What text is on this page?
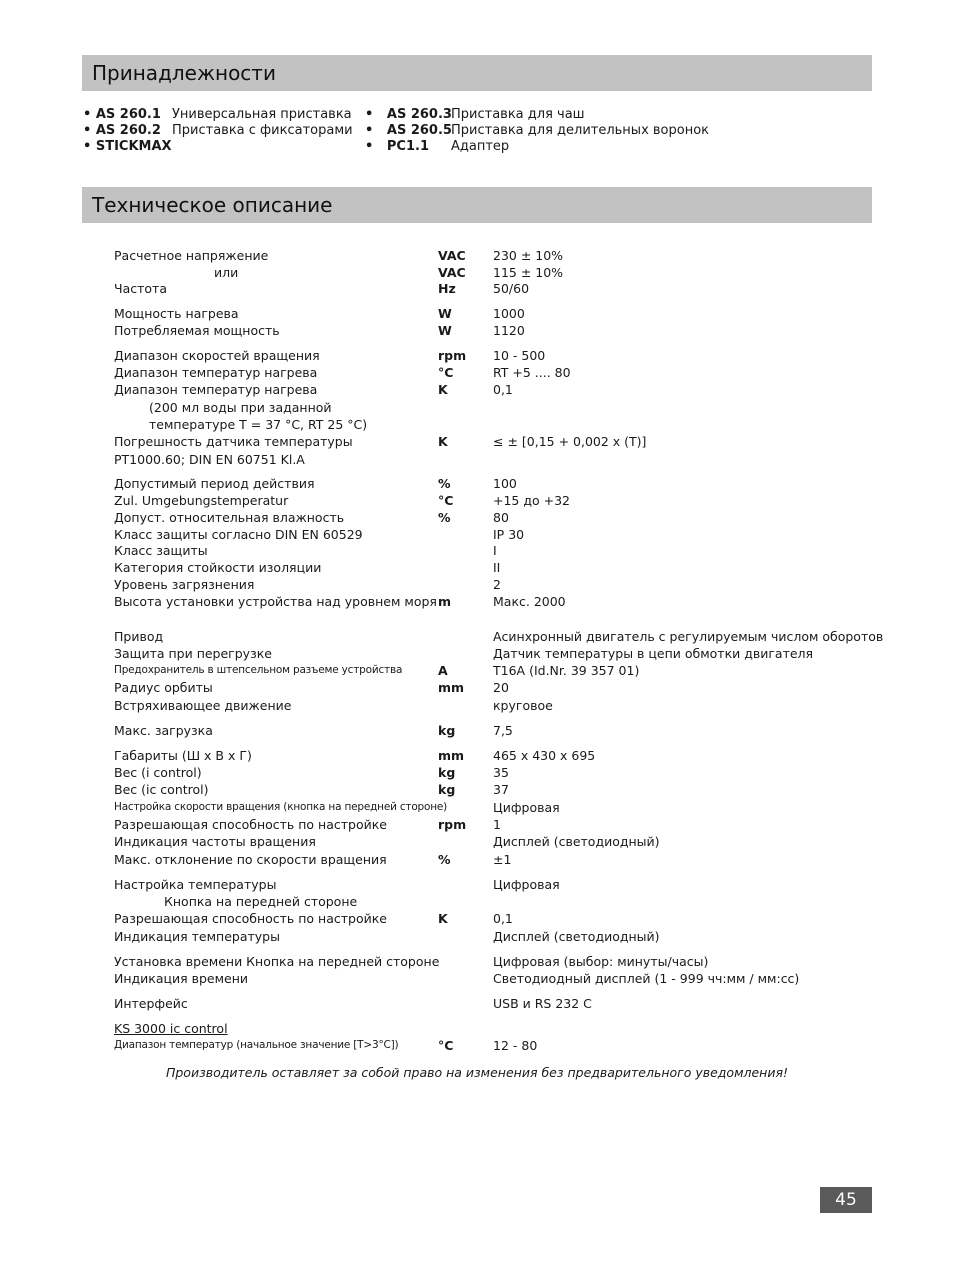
Принадлежности
• AS 260.1 Универсальная приставка
• AS 260.2 Приставка с фиксаторами
• STICKMAX
•   AS 260.3 Приставка для чаш
•   AS 260.5 Приставка для делительных воронок
•   PC1.1 Адаптер
Техническое описание
Расчетное напряжение	VAC 230 ± 10%
или	VAC 115 ± 10%
Частота	Hz	50/60
Мощность нагрева	W	1000
Потребляемая мощность	W	1120
Диапазон скоростей вращения	rpm 10 - 500
Диапазон температур нагрева	°C	RT +5 .... 80
Диапазон температур нагрева	K	0,1
(200 мл воды при заданной
температуре T = 37 °C, RT 25 °C)
Погрешность датчика температуры	K	≤ ± [0,15 + 0,002 x (T)]
PT1000.60; DIN EN 60751 Kl.A
Допустимый период действия	%	100
Zul. Umgebungstemperatur	°C	+15 до +32
Допуст. относительная влажность	%	80
Класс защиты согласно DIN EN 60529	IP 30
Класс защиты	I
Категория стойкости изоляции	II
Уровень загрязнения	2
Высота установки устройства над уровнем моря m	Макс. 2000
Привод	Асинхронный двигатель с регулируемым числом оборотов
Защита при перегрузке	Датчик температуры в цепи обмотки двигателя
Предохранитель в штепсельном разъеме устройства	A	T16A (Id.Nr. 39 357 01)
Радиус орбиты	mm 20
Встряхивающее движение	круговое
Макс. загрузка	kg	7,5
Габариты (Ш x В x Г)	mm 465 x 430 x 695
Вес (i control)	kg	35
Вес (ic control)	kg	37
Настройка скорости вращения (кнопка на передней стороне)	Цифровая
Разрешающая способность по настройке	rpm 1
Индикация частоты вращения	Дисплей (светодиодный)
Макс. отклонение по скорости вращения	%	±1
Настройка температуры	Цифровая
Кнопка на передней стороне
Разрешающая способность по настройке	K	0,1
Индикация температуры	Дисплей (светодиодный)
Установка времени Кнопка на передней стороне	Цифровая (выбор: минуты/часы)
Индикация времени	Светодиодный дисплей (1 - 999 чч:мм / мм:сс)
Интерфейс	USB и RS 232 C
KS 3000 ic control
Диапазон температур (начальное значение [T>3°C])	°C	12 - 80
Производитель оставляет за собой право на изменения без предварительного уведомления!
45
